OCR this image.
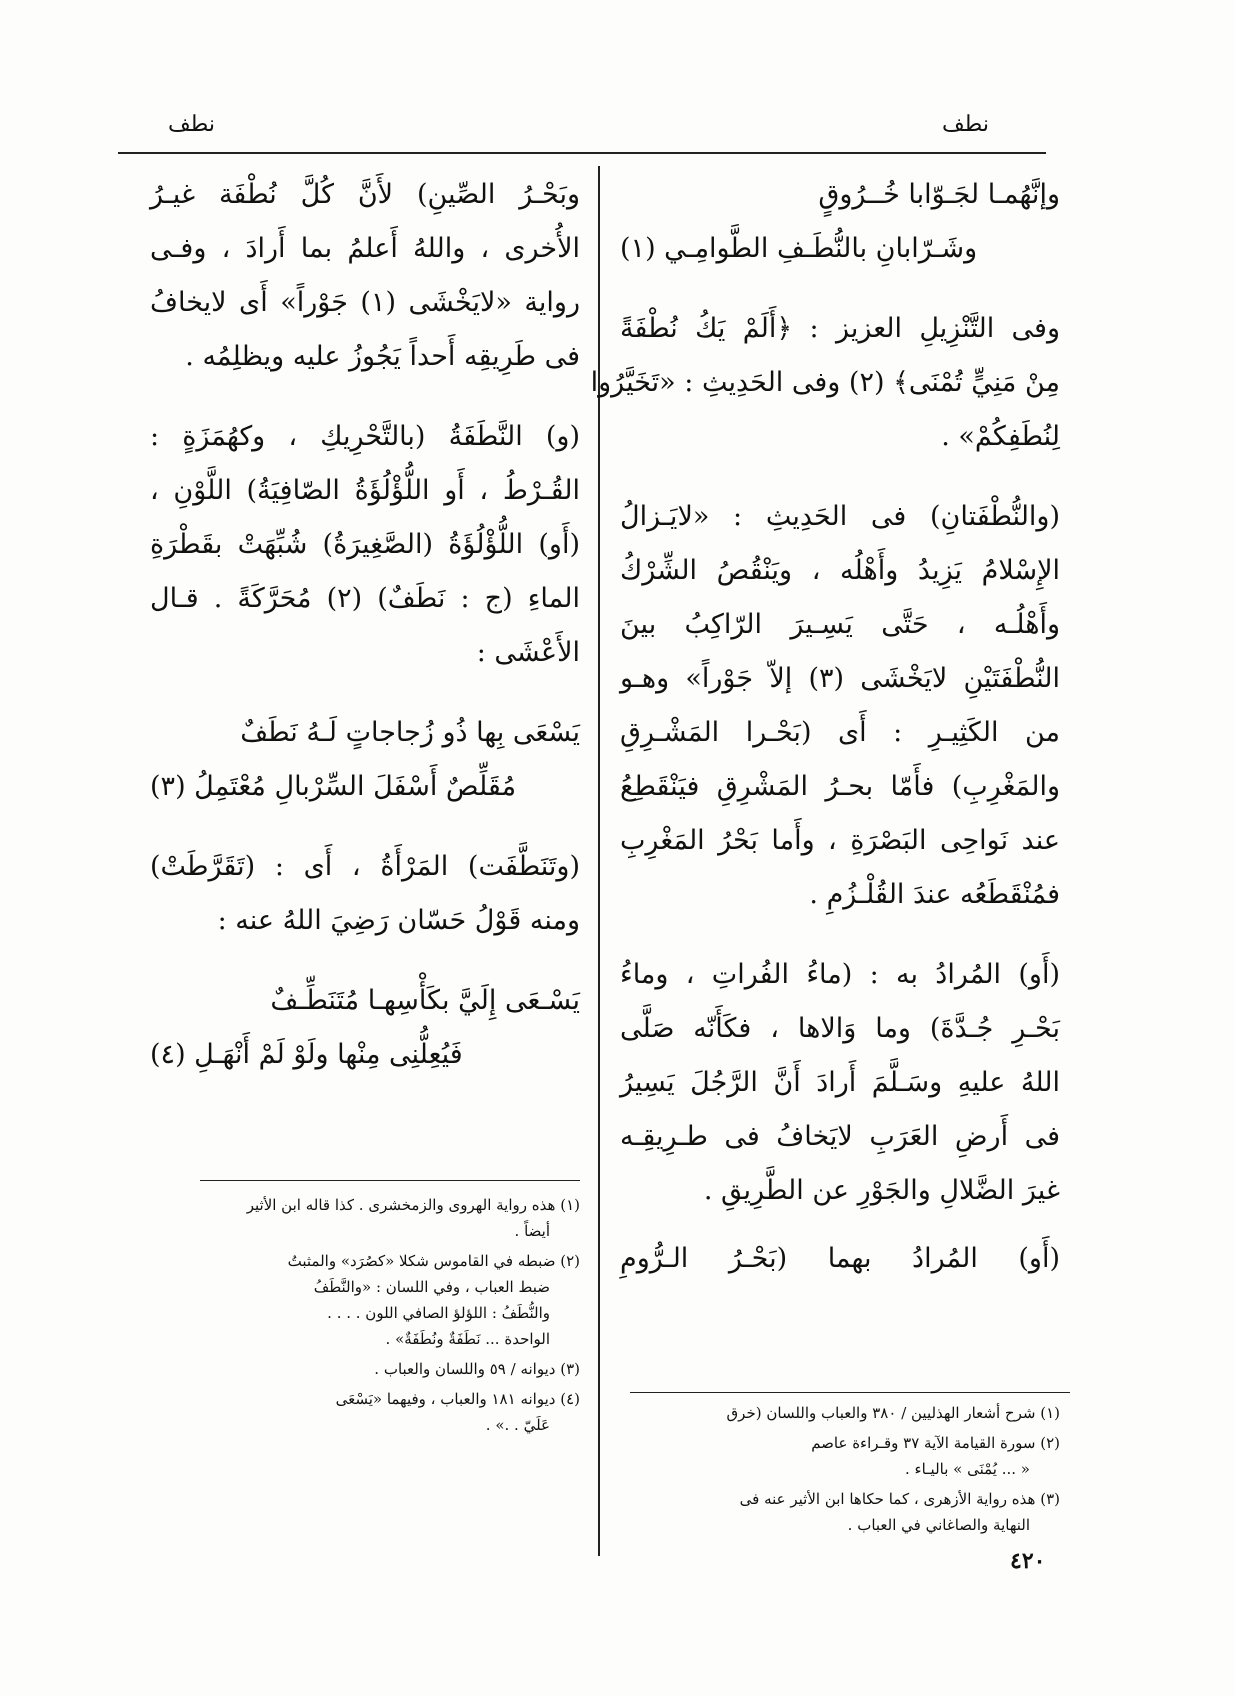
نطف
نطف
وإنَّهُمـا لجَـوّابا خُــرُوقٍ
وشَـرّابانِ بالنُّطَـفِ الطَّوامِـي (١)
وفى التَّنْزِيلِ العزيز : ﴿أَلَمْ يَكُ نُطْفَةً
مِنْ مَنِيٍّ تُمْنَى﴾ (٢) وفى الحَدِيثِ : «تَخَيَّرُوا
لِنُطَفِكُمْ» .
(والنُّطْفَتانِ) فى الحَدِيثِ : «لايَـزالُ
الإِسْلامُ يَزِيدُ وأَهْلُه ، ويَنْقُصُ الشِّرْكُ
وأَهْلُـه ، حَتَّى يَسِـيرَ الرّاكِبُ بينَ
النُّطْفَتَيْنِ لايَخْشَى (٣) إلاّ جَوْراً» وهـو
من الكَثِيـرِ : أَى (بَحْـرا المَشْـرِقِ
والمَغْرِبِ) فأَمّا بحـرُ المَشْرِقِ فيَنْقَطِعُ
عند نَواحِى البَصْرَةِ ، وأَما بَحْرُ المَغْرِبِ
فمُنْقَطَعُه عندَ القُلْـزُمِ .
(أَو) المُرادُ به : (ماءُ الفُراتِ ، وماءُ
بَحْـرِ جُـدَّةَ) وما وَالاها ، فكَأَنّه صَلَّى
اللهُ عليهِ وسَـلَّمَ أَرادَ أَنَّ الرَّجُلَ يَسِيرُ
فى أَرضِ العَرَبِ لايَخافُ فى طـرِيقِـه
غيرَ الضَّلالِ والجَوْرِ عن الطَّرِيقِ .
(أَو) المُرادُ بهما (بَحْـرُ الـرُّومِ
وبَحْـرُ الصِّينِ) لأَنَّ كُلَّ نُطْفَة غيـرُ
الأُخرى ، واللهُ أَعلمُ بما أَرادَ ، وفـى
رواية «لايَخْشَى (١) جَوْراً» أَى لايخافُ
فى طَرِيقِه أَحداً يَجُوزُ عليه ويظلِمُه .
(و) النَّطَفَةُ (بالتَّحْرِيكِ ، وكهُمَزَةٍ :
القُـرْطُ ، أَو اللُّؤْلُؤَةُ الصّافِيَةُ) اللَّوْنِ ،
(أَو) اللُّؤْلُؤَةُ (الصَّغِيرَةُ) شُبِّهَتْ بقَطْرَةِ
الماءِ (ج : نَطَفٌ) (٢) مُحَرَّكَةً . قـال
الأَعْشَى :
يَسْعَى بِها ذُو زُجاجاتٍ لَـهُ نَطَفٌ
مُقَلِّصٌ أَسْفَلَ السِّرْبالِ مُعْتَمِلُ (٣)
(وتَنَطَّفَت) المَرْأَةُ ، أَى : (تَقَرَّطَتْ)
ومنه قَوْلُ حَسّان رَضِيَ اللهُ عنه :
يَسْـعَى إِلَيَّ بكَأْسِهـا مُتَنَطِّـفٌ
فَيُعِلُّنِى مِنْها ولَوْ لَمْ أَنْهَـلِ (٤)
(١) هذه رواية الهروى والزمخشرى . كذا قاله ابن الأثير
أيضاً .
(٢) ضبطه في القاموس شكلا «كصُرَد» والمثبتُ
ضبط العباب ، وفي اللسان : «والنَّطَفُ
والنُّطَفُ : اللؤلؤ الصافي اللون . . . .
الواحدة ... نَطَفَةٌ ونُطَفَةٌ» .
(٣) ديوانه / ٥٩ واللسان والعباب .
(٤) ديوانه ١٨١ والعباب ، وفيهما «يَسْعَى
عَلَيّ . .» .
(١) شرح أشعار الهذليين / ٣٨٠ والعباب واللسان (خرق
(٢) سورة القيامة الآية ٣٧ وقـراءة عاصم
« ... يُمْنَى » باليـاء .
(٣) هذه رواية الأزهرى ، كما حكاها ابن الأثير عنه فى
النهاية والصاغاني في العباب .
٤٢٠
